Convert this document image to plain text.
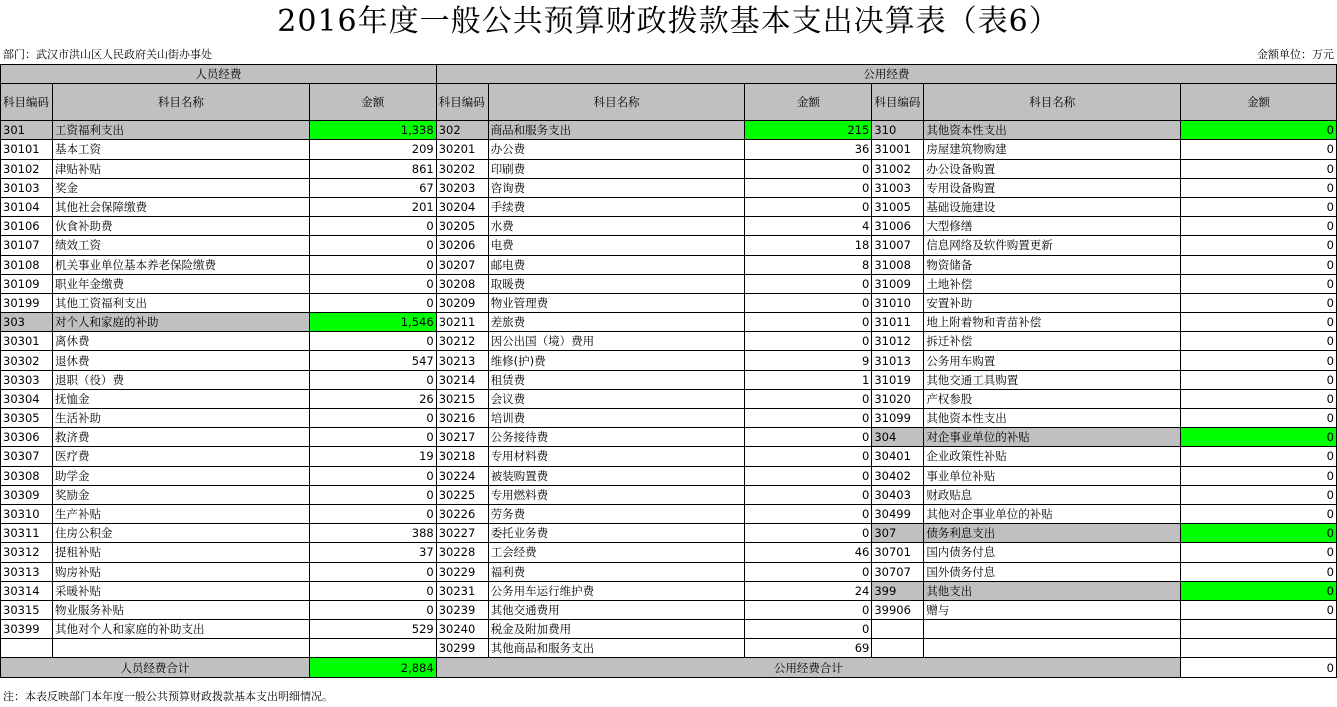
2016年度一般公共预算财政拨款基本支出决算表（表6）
部门：武汉市洪山区人民政府关山街办事处	金额单位：万元
人员经费			公用经费					
科目编码	科目名称	金额	科目编码	科目名称	金额	科目编码	科目名称	金额
301	工资福利支出	1,338	302	商品和服务支出	215	310	其他资本性支出	0
30101	基本工资	209	30201	办公费	36	31001	房屋建筑物购建	0
30102	津贴补贴	861	30202	印刷费	0	31002	办公设备购置	0
30103	奖金	67	30203	咨询费	0	31003	专用设备购置	0
30104	其他社会保障缴费	201	30204	手续费	0	31005	基础设施建设	0
30106	伙食补助费	0	30205	水费	4	31006	大型修缮	0
30107	绩效工资	0	30206	电费	18	31007	信息网络及软件购置更新	0
30108	机关事业单位基本养老保险缴费	0	30207	邮电费	8	31008	物资储备	0
30109	职业年金缴费	0	30208	取暖费	0	31009	土地补偿	0
30199	其他工资福利支出	0	30209	物业管理费	0	31010	安置补助	0
303	对个人和家庭的补助	1,546	30211	差旅费	0	31011	地上附着物和青苗补偿	0
30301	离休费	0	30212	因公出国（境）费用	0	31012	拆迁补偿	0
30302	退休费	547	30213	维修(护)费	9	31013	公务用车购置	0
30303	退职（役）费	0	30214	租赁费	1	31019	其他交通工具购置	0
30304	抚恤金	26	30215	会议费	0	31020	产权参股	0
30305	生活补助	0	30216	培训费	0	31099	其他资本性支出	0
30306	救济费	0	30217	公务接待费	0	304	对企事业单位的补贴	0
30307	医疗费	19	30218	专用材料费	0	30401	企业政策性补贴	0
30308	助学金	0	30224	被装购置费	0	30402	事业单位补贴	0
30309	奖励金	0	30225	专用燃料费	0	30403	财政贴息	0
30310	生产补贴	0	30226	劳务费	0	30499	其他对企事业单位的补贴	0
30311	住房公积金	388	30227	委托业务费	0	307	债务利息支出	0
30312	提租补贴	37	30228	工会经费	46	30701	国内债务付息	0
30313	购房补贴	0	30229	福利费	0	30707	国外债务付息	0
30314	采暖补贴	0	30231	公务用车运行维护费	24	399	其他支出	0
30315	物业服务补贴	0	30239	其他交通费用	0	39906	赠与	0
30399	其他对个人和家庭的补助支出	529	30240	税金及附加费用	0			
			30299	其他商品和服务支出	69			
人员经费合计		2,884	公用经费合计					0
注：本表反映部门本年度一般公共预算财政拨款基本支出明细情况。
